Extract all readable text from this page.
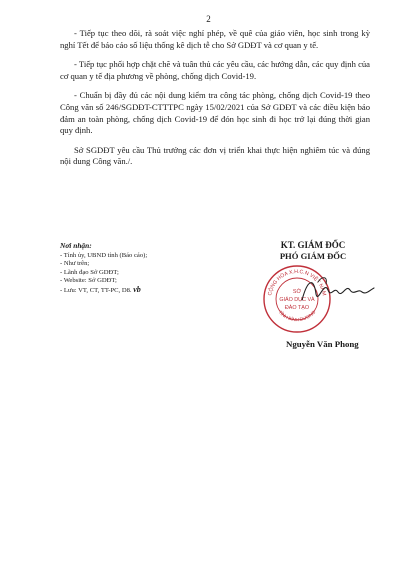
2

- Tiếp tục theo dõi, rà soát việc nghỉ phép, về quê của giáo viên, học sinh trong kỳ nghỉ Tết để báo cáo số liệu thống kê dịch tễ cho Sở GDĐT và cơ quan y tế.

- Tiếp tục phối hợp chặt chẽ và tuân thủ các yêu cầu, các hướng dẫn, các quy định của cơ quan y tế địa phương về phòng, chống dịch Covid-19.

- Chuẩn bị đầy đủ các nội dung kiểm tra công tác phòng, chống dịch Covid-19 theo Công văn số 246/SGDĐT-CTTTPC ngày 15/02/2021 của Sở GDĐT và các điều kiện bảo đảm an toàn phòng, chống dịch Covid-19 để đón học sinh đi học trở lại đúng thời gian quy định.

Sở SGDĐT yêu cầu Thủ trưởng các đơn vị triển khai thực hiện nghiêm túc và đúng nội dung Công văn./.

Nơi nhận:
- Tỉnh ủy, UBND tỉnh (Báo cáo);
- Như trên;
- Lãnh đạo Sở GDĐT;
- Website: Sở GDĐT;
- Lưu: VT, CT, TT-PC, D8. vb
KT. GIÁM ĐỐC
PHÓ GIÁM ĐỐC
CỘNG HÒA X.H.C.N VIỆT NAM
TỈNH BÌNH DƯƠNG
SỞ
GIÁO DỤC VÀ
ĐÀO TẠO
Nguyễn Văn Phong
